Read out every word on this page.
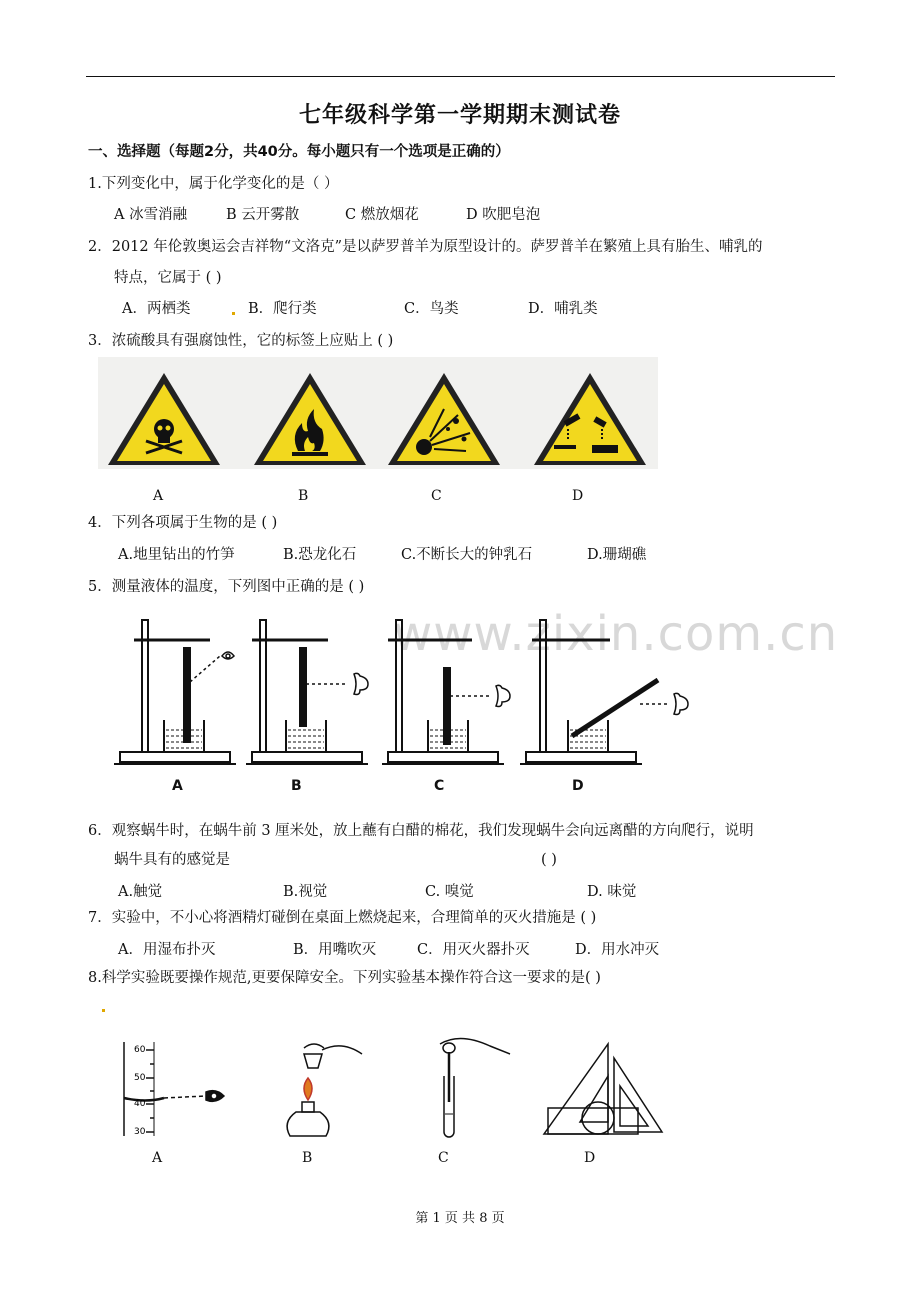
七年级科学第一学期期末测试卷
一、选择题（每题2分，共40分。每小题只有一个选项是正确的）
1.下列变化中，属于化学变化的是（ ）
A 冰雪消融	B 云开雾散	C 燃放烟花	D 吹肥皂泡
2．2012 年伦敦奥运会吉祥物“文洛克”是以萨罗普羊为原型设计的。萨罗普羊在繁殖上具有胎生、哺乳的
特点，它属于 ( )
A．两栖类	B．爬行类	C．鸟类	D．哺乳类
3．浓硫酸具有强腐蚀性，它的标签上应贴上 ( )
A	B	C	D
4．下列各项属于生物的是 ( )
A.地里钻出的竹笋	B.恐龙化石	C.不断长大的钟乳石	D.珊瑚礁
5．测量液体的温度，下列图中正确的是 ( )
www.zixin.com.cn
A	B	C	D
6．观察蜗牛时，在蜗牛前 3 厘米处，放上蘸有白醋的棉花，我们发现蜗牛会向远离醋的方向爬行，说明
蜗牛具有的感觉是	( )
A.触觉	B.视觉	C. 嗅觉	D. 味觉
7．实验中，不小心将酒精灯碰倒在桌面上燃烧起来，合理简单的灭火措施是 ( )
A．用湿布扑灭	B．用嘴吹灭	C．用灭火器扑灭	D．用水冲灭
8.科学实验既要操作规范,更要保障安全。下列实验基本操作符合这一要求的是( )
60
50
40
30
A	B	C	D
第 1 页 共 8 页
